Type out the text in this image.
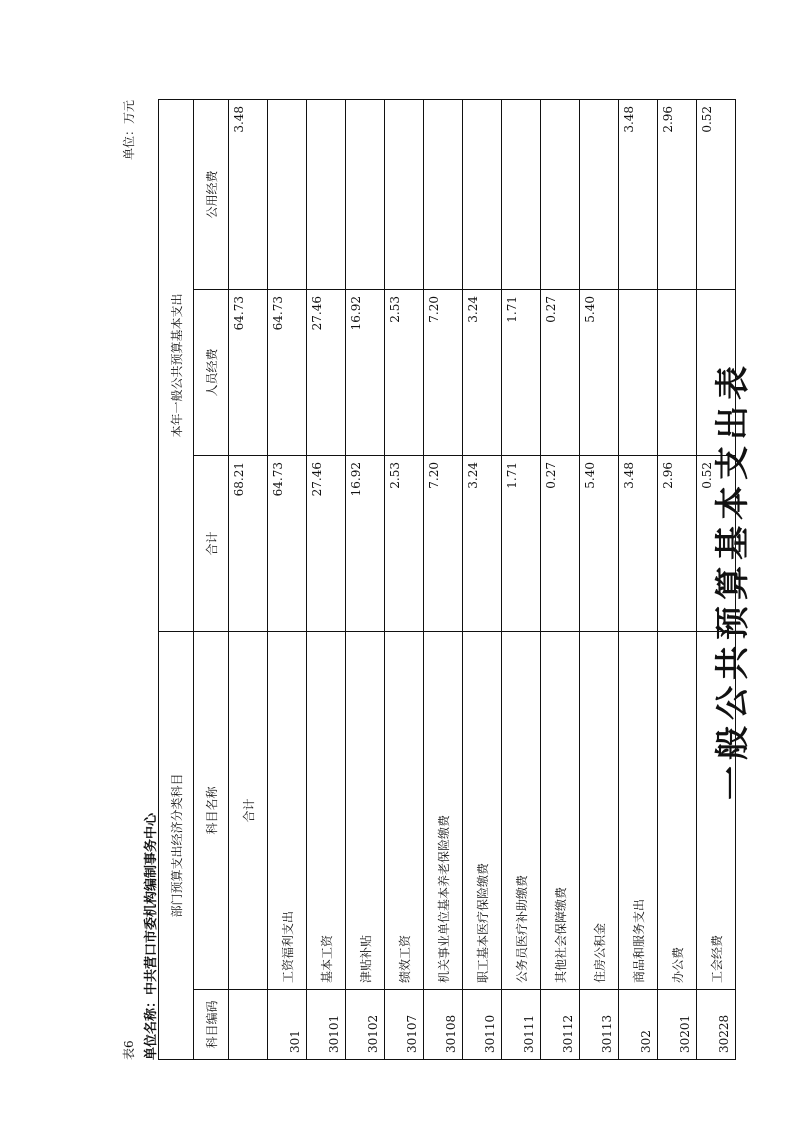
一般公共预算基本支出表
表6 单位名称：中共营口市委机构编制事务中心
单位：万元
部门预算支出经济分类科目		本年一般公共预算基本支出		
科目编码	科目名称	合计	人员经费	公用经费
	合计	68.21	64.73	3.48
301	工资福利支出	64.73	64.73	
30101	基本工资	27.46	27.46	
30102	津贴补贴	16.92	16.92	
30107	绩效工资	2.53	2.53	
30108	机关事业单位基本养老保险缴费	7.20	7.20	
30110	职工基本医疗保险缴费	3.24	3.24	
30111	公务员医疗补助缴费	1.71	1.71	
30112	其他社会保障缴费	0.27	0.27	
30113	住房公积金	5.40	5.40	
302	商品和服务支出	3.48		3.48
30201	办公费	2.96		2.96
30228	工会经费	0.52		0.52
